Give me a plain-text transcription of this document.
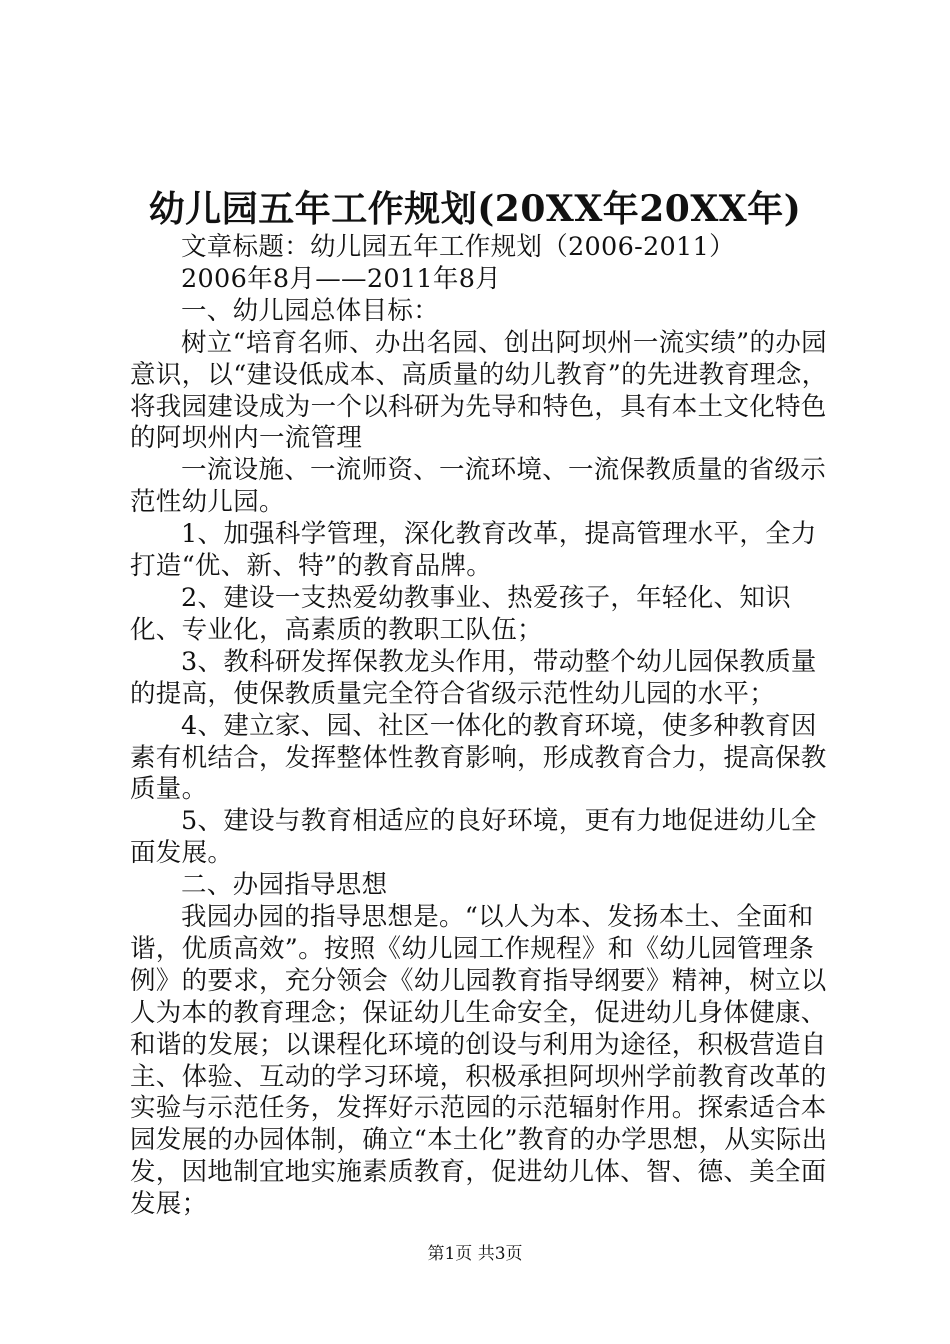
幼儿园五年工作规划(20XX年20XX年)

文章标题：幼儿园五年工作规划（2006-2011）

2006年8月——2011年8月

一、幼儿园总体目标：

树立“培育名师、办出名园、创出阿坝州一流实绩”的办园意识，以“建设低成本、高质量的幼儿教育”的先进教育理念，将我园建设成为一个以科研为先导和特色，具有本土文化特色的阿坝州内一流管理

一流设施、一流师资、一流环境、一流保教质量的省级示范性幼儿园。

1、加强科学管理，深化教育改革，提高管理水平，全力打造“优、新、特”的教育品牌。

2、建设一支热爱幼教事业、热爱孩子，年轻化、知识化、专业化，高素质的教职工队伍；

3、教科研发挥保教龙头作用，带动整个幼儿园保教质量的提高，使保教质量完全符合省级示范性幼儿园的水平；

4、建立家、园、社区一体化的教育环境，使多种教育因素有机结合，发挥整体性教育影响，形成教育合力，提高保教质量。

5、建设与教育相适应的良好环境，更有力地促进幼儿全面发展。

二、办园指导思想

我园办园的指导思想是。“以人为本、发扬本土、全面和谐，优质高效”。按照《幼儿园工作规程》和《幼儿园管理条例》的要求，充分领会《幼儿园教育指导纲要》精神，树立以人为本的教育理念；保证幼儿生命安全，促进幼儿身体健康、和谐的发展；以课程化环境的创设与利用为途径，积极营造自主、体验、互动的学习环境，积极承担阿坝州学前教育改革的实验与示范任务，发挥好示范园的示范辐射作用。探索适合本园发展的办园体制，确立“本土化”教育的办学思想，从实际出发，因地制宜地实施素质教育，促进幼儿体、智、德、美全面发展；

第1页 共3页
